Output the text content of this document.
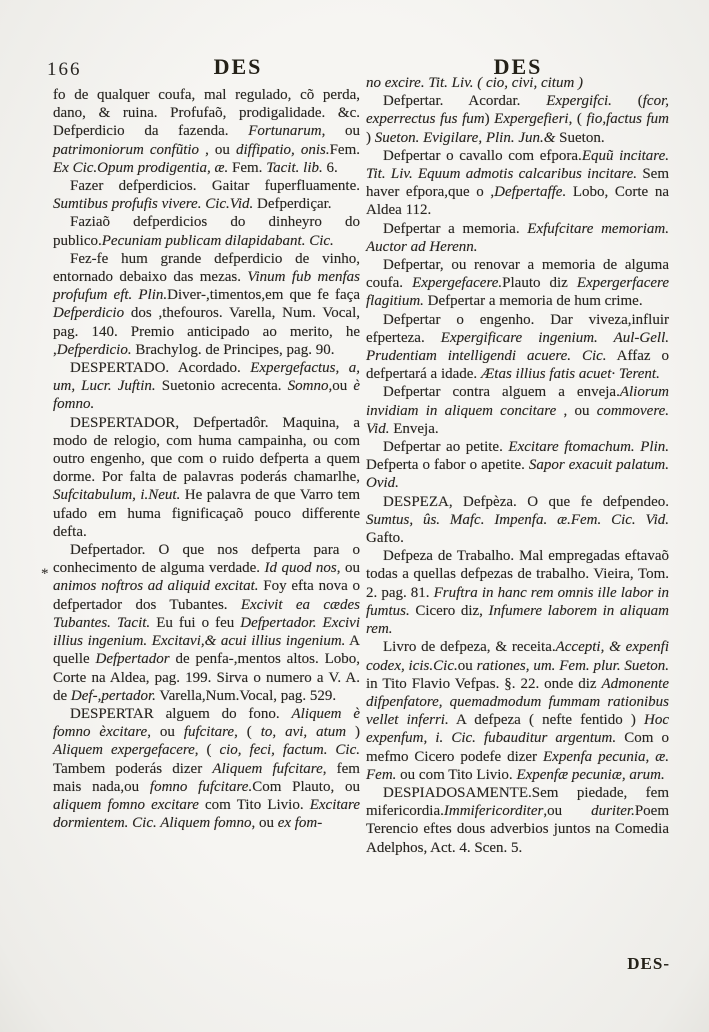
166	DES	DES

fo de qualquer coufa, mal regulado, cõ perda, dano, & ruina. Profufaõ, prodigalidade. &c. Defperdicio da fazenda. Fortunarum, ou patrimoniorum confũtio , ou diffipatio, onis.Fem. Ex Cic.Opum prodigentia, æ. Fem. Tacit. lib. 6.

Fazer defperdicios. Gaitar fuperfluamente. Sumtibus profufis vivere. Cic.Vid. Defperdiçar.

Faziaõ defperdicios do dinheyro do publico.Pecuniam publicam dilapidabant. Cic.

Fez-fe hum grande defperdicio de vinho, entornado debaixo das mezas. Vinum fub menfas profufum eft. Plin.Diver-,timentos,em que fe faça Defperdicio dos ,thefouros. Varella, Num. Vocal, pag. 140. Premio anticipado ao merito, he ,Defperdicio. Brachylog. de Principes, pag. 90.

DESPERTADO. Acordado. Expergefactus, a, um, Lucr. Juftin. Suetonio acrecenta. Somno,ou è fomno.

DESPERTADOR, Defpertadôr. Maquina, a modo de relogio, com huma campainha, ou com outro engenho, que com o ruido defperta a quem dorme. Por falta de palavras poderás chamarlhe, Sufcitabulum, i.Neut. He palavra de que Varro tem ufado em huma fignificaçaõ pouco differente defta.

Defpertador. O que nos defperta para o conhecimento de alguma verdade. Id quod nos, ou animos noftros ad aliquid excitat. Foy efta nova o defpertador dos Tubantes. Excivit ea cædes Tubantes. Tacit. Eu fui o feu Defpertador. Excivi illius ingenium. Excitavi,& acui illius ingenium. A quelle Defpertador de penfa-,mentos altos. Lobo, Corte na Aldea, pag. 199. Sirva o numero a V. A. de Def-,pertador. Varella,Num.Vocal, pag. 529.

DESPERTAR alguem do fono. Aliquem è fomno èxcitare, ou fufcitare, ( to, avi, atum ) Aliquem expergefacere, ( cio, feci, factum. Cic. Tambem poderás dizer Aliquem fufcitare, fem mais nada,ou fomno fufcitare.Com Plauto, ou aliquem fomno excitare com Tito Livio. Excitare dormientem. Cic. Aliquem fomno, ou ex fom-

no excire. Tit. Liv. ( cio, civi, citum )

Defpertar. Acordar. Expergifci. (fcor, experrectus fus fum) Expergefieri, ( fio,factus fum ) Sueton. Evigilare, Plin. Jun.& Sueton.

Defpertar o cavallo com efpora.Equũ incitare. Tit. Liv. Equum admotis calcaribus incitare. Sem haver efpora,que o ,Defpertaffe. Lobo, Corte na Aldea 112.

Defpertar a memoria. Exfufcitare memoriam. Auctor ad Herenn.

Defpertar, ou renovar a memoria de alguma coufa. Expergefacere.Plauto diz Expergerfacere flagitium. Defpertar a memoria de hum crime.

Defpertar o engenho. Dar viveza,influir efperteza. Expergificare ingenium. Aul-Gell. Prudentiam intelligendi acuere. Cic. Affaz o defpertará a idade. Ætas illius fatis acuet· Terent.

Defpertar contra alguem a enveja.Aliorum invidiam in aliquem concitare , ou commovere. Vid. Enveja.

Defpertar ao petite. Excitare ftomachum. Plin. Defperta o fabor o apetite. Sapor exacuit palatum. Ovid.

DESPEZA, Defpèza. O que fe defpendeo. Sumtus, ûs. Mafc. Impenfa. æ.Fem. Cic. Vid. Gafto.

Defpeza de Trabalho. Mal empregadas eftavaõ todas a quellas defpezas de trabalho. Vieira, Tom. 2. pag. 81. Fruftra in hanc rem omnis ille labor in fumtus. Cicero diz, Infumere laborem in aliquam rem.

Livro de defpeza, & receita.Accepti, & expenfi codex, icis.Cic.ou rationes, um. Fem. plur. Sueton. in Tito Flavio Vefpas. §. 22. onde diz Admonente difpenfatore, quemadmodum fummam rationibus vellet inferri. A defpeza ( nefte fentido ) Hoc expenfum, i. Cic. fubauditur argentum. Com o mefmo Cicero podefe dizer Expenfa pecunia, æ. Fem. ou com Tito Livio. Expenfæ pecuniæ, arum.

DESPIADOSAMENTE.Sem piedade, fem mifericordia.Immifericorditer,ou duriter.Poem Terencio eftes dous adverbios juntos na Comedia Adelphos, Act. 4. Scen. 5.

*
DES-
